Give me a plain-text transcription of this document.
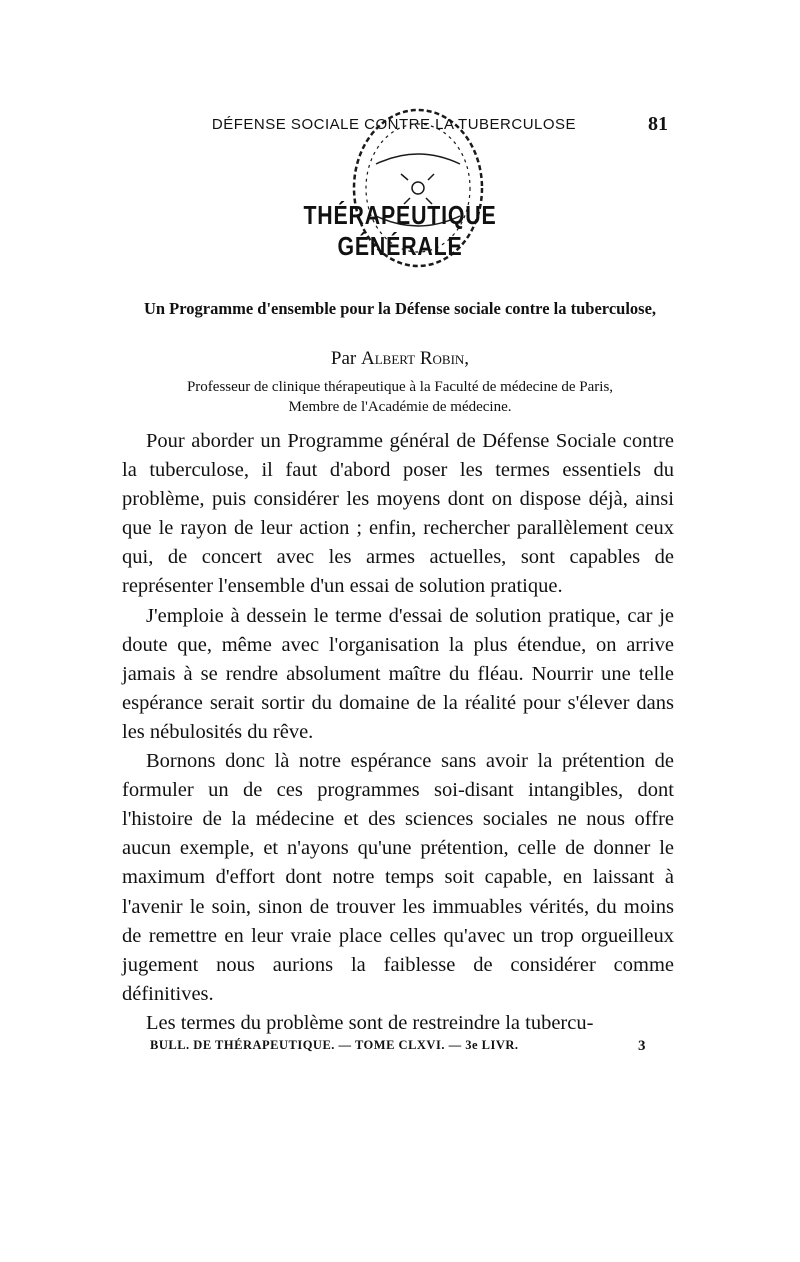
DÉFENSE SOCIALE CONTRE LA TUBERCULOSE	81
THÉRAPEUTIQUE GÉNÉRALE
Un Programme d'ensemble pour la Défense sociale contre la tuberculose,
Par Albert Robin,
Professeur de clinique thérapeutique à la Faculté de médecine de Paris,
Membre de l'Académie de médecine.

Pour aborder un Programme général de Défense Sociale contre la tuberculose, il faut d'abord poser les termes essentiels du problème, puis considérer les moyens dont on dispose déjà, ainsi que le rayon de leur action ; enfin, rechercher parallèlement ceux qui, de concert avec les armes actuelles, sont capables de représenter l'ensemble d'un essai de solution pratique.

J'emploie à dessein le terme d'essai de solution pratique, car je doute que, même avec l'organisation la plus étendue, on arrive jamais à se rendre absolument maître du fléau. Nourrir une telle espérance serait sortir du domaine de la réalité pour s'élever dans les nébulosités du rêve.

Bornons donc là notre espérance sans avoir la prétention de formuler un de ces programmes soi-disant intangibles, dont l'histoire de la médecine et des sciences sociales ne nous offre aucun exemple, et n'ayons qu'une prétention, celle de donner le maximum d'effort dont notre temps soit capable, en laissant à l'avenir le soin, sinon de trouver les immuables vérités, du moins de remettre en leur vraie place celles qu'avec un trop orgueilleux jugement nous aurions la faiblesse de considérer comme définitives.

Les termes du problème sont de restreindre la tubercu-

BULL. DE THÉRAPEUTIQUE. — TOME CLXVI. — 3e LIVR.	3
